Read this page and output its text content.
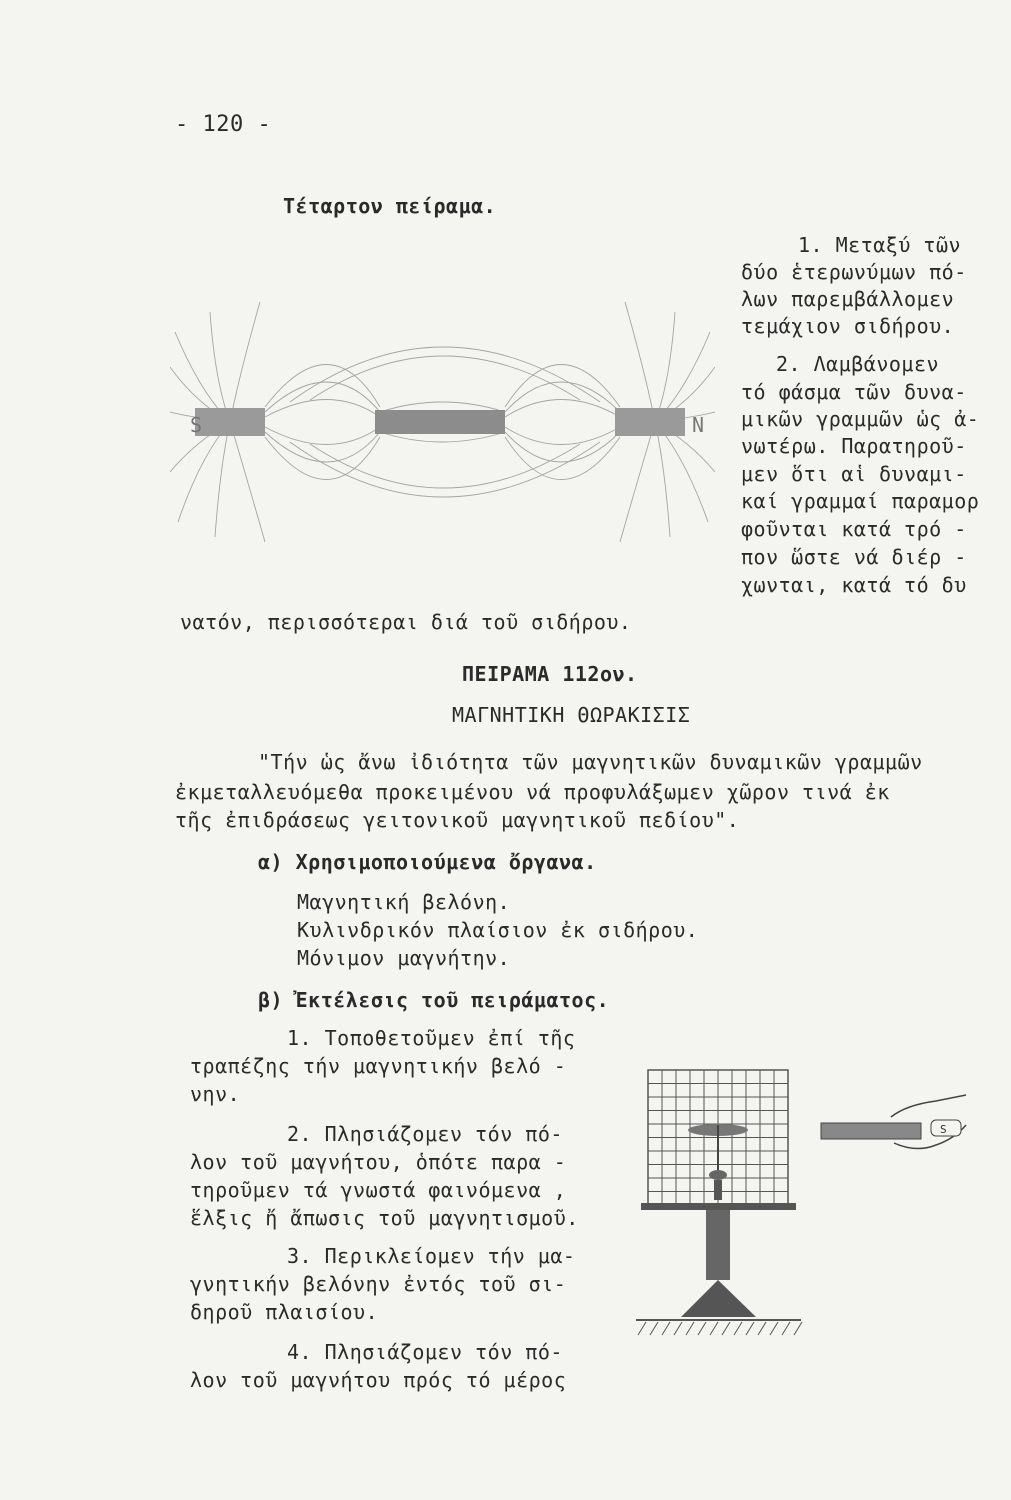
- 120 -
Τέταρτον πείραμα.
1. Μεταξύ τῶν
δύο ἑτερωνύμων πό-
λων παρεμβάλλομεν
τεμάχιον σιδήρου.
2. Λαμβάνομεν
τό φάσμα τῶν δυνα-
μικῶν γραμμῶν ὡς ἀ-
νωτέρω. Παρατηροῦ-
μεν ὅτι αἱ δυναμι-
καί γραμμαί παραμορ
φοῦνται κατά τρό -
πον ὥστε νά διέρ -
χωνται, κατά τό δυ
S	N
νατόν, περισσότεραι διά τοῦ σιδήρου.
ΠΕΙΡΑΜΑ 112ον.
ΜΑΓΝΗΤΙΚΗ ΘΩΡΑΚΙΣΙΣ
"Τήν ὡς ἄνω ἰδιότητα τῶν μαγνητικῶν δυναμικῶν γραμμῶν
ἐκμεταλλευόμεθα προκειμένου νά προφυλάξωμεν χῶρον τινά ἐκ
τῆς ἐπιδράσεως γειτονικοῦ μαγνητικοῦ πεδίου".
α) Χρησιμοποιούμενα ὄργανα.
Μαγνητική βελόνη.
Κυλινδρικόν πλαίσιον ἐκ σιδήρου.
Μόνιμον μαγνήτην.
β) Ἐκτέλεσις τοῦ πειράματος.
1. Τοποθετοῦμεν ἐπί τῆς
τραπέζης τήν μαγνητικήν βελό -
νην.
2. Πλησιάζομεν τόν πό-
λον τοῦ μαγνήτου, ὁπότε παρα -
τηροῦμεν τά γνωστά φαινόμενα ,
ἕλξις ἤ ἄπωσις τοῦ μαγνητισμοῦ.
3. Περικλείομεν τήν μα-
γνητικήν βελόνην ἐντός τοῦ σι-
δηροῦ πλαισίου.
4. Πλησιάζομεν τόν πό-
λον τοῦ μαγνήτου πρός τό μέρος
S
